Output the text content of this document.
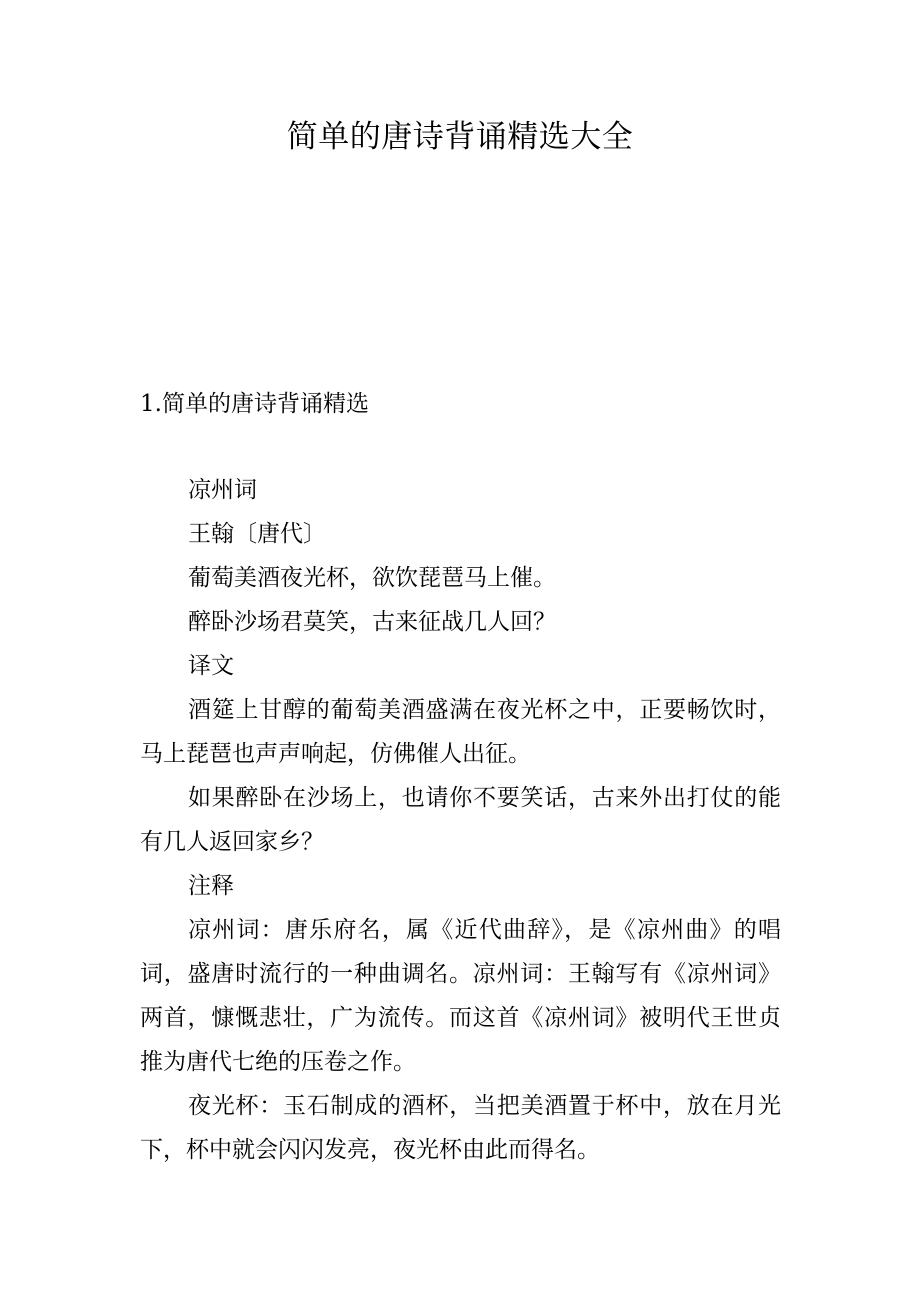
简单的唐诗背诵精选大全
1.简单的唐诗背诵精选

凉州词

王翰〔唐代〕

葡萄美酒夜光杯，欲饮琵琶马上催。

醉卧沙场君莫笑，古来征战几人回？

译文

酒筵上甘醇的葡萄美酒盛满在夜光杯之中，正要畅饮时，马上琵琶也声声响起，仿佛催人出征。

如果醉卧在沙场上，也请你不要笑话，古来外出打仗的能有几人返回家乡？

注释

凉州词：唐乐府名，属《近代曲辞》，是《凉州曲》的唱词，盛唐时流行的一种曲调名。凉州词：王翰写有《凉州词》两首，慷慨悲壮，广为流传。而这首《凉州词》被明代王世贞推为唐代七绝的压卷之作。

夜光杯：玉石制成的酒杯，当把美酒置于杯中，放在月光下，杯中就会闪闪发亮，夜光杯由此而得名。
